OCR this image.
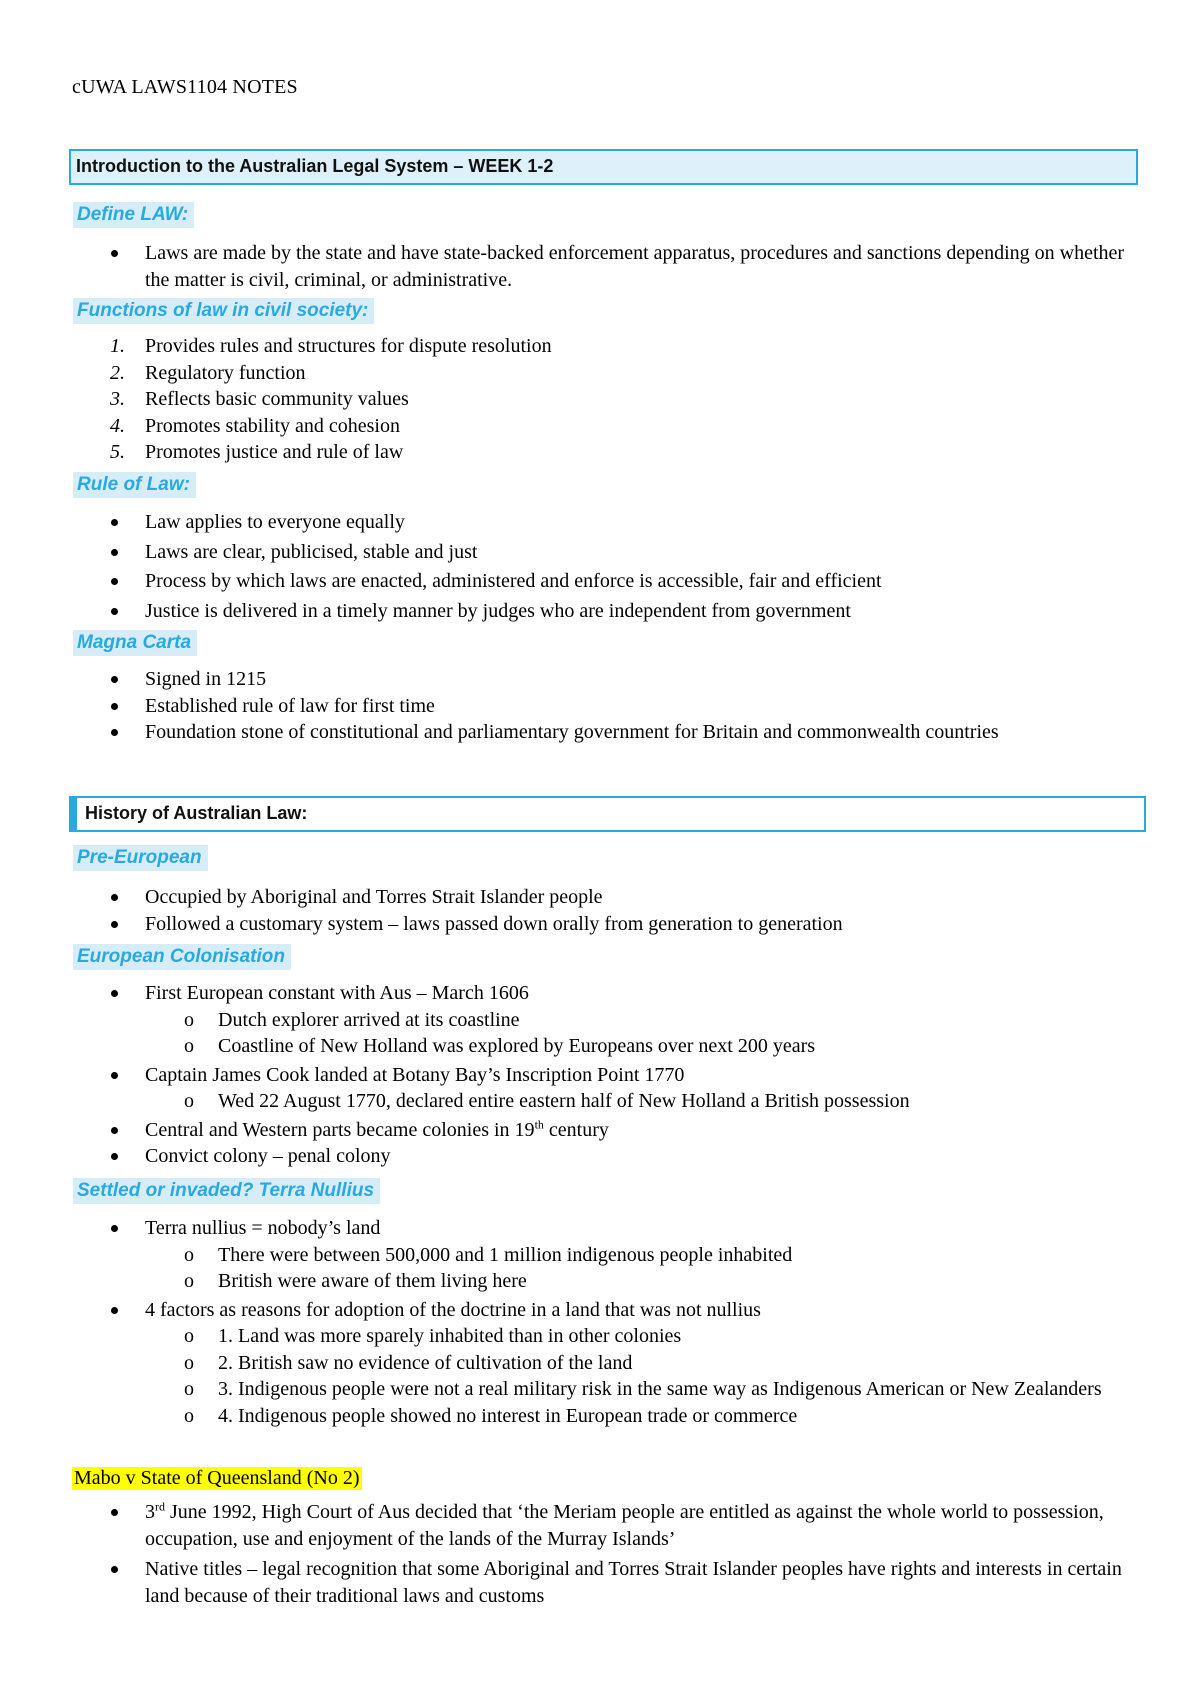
cUWA LAWS1104 NOTES
Introduction to the Australian Legal System – WEEK 1-2
Define LAW:
Laws are made by the state and have state-backed enforcement apparatus, procedures and sanctions depending on whether the matter is civil, criminal, or administrative.
Functions of law in civil society:
1. Provides rules and structures for dispute resolution
2. Regulatory function
3. Reflects basic community values
4. Promotes stability and cohesion
5. Promotes justice and rule of law
Rule of Law:
Law applies to everyone equally
Laws are clear, publicised, stable and just
Process by which laws are enacted, administered and enforce is accessible, fair and efficient
Justice is delivered in a timely manner by judges who are independent from government
Magna Carta
Signed in 1215
Established rule of law for first time
Foundation stone of constitutional and parliamentary government for Britain and commonwealth countries
History of Australian Law:
Pre-European
Occupied by Aboriginal and Torres Strait Islander people
Followed a customary system – laws passed down orally from generation to generation
European Colonisation
First European constant with Aus – March 1606
o Dutch explorer arrived at its coastline
o Coastline of New Holland was explored by Europeans over next 200 years
Captain James Cook landed at Botany Bay’s Inscription Point 1770
o Wed 22 August 1770, declared entire eastern half of New Holland a British possession
Central and Western parts became colonies in 19th century
Convict colony – penal colony
Settled or invaded? Terra Nullius
Terra nullius = nobody’s land
o There were between 500,000 and 1 million indigenous people inhabited
o British were aware of them living here
4 factors as reasons for adoption of the doctrine in a land that was not nullius
o 1. Land was more sparely inhabited than in other colonies
o 2. British saw no evidence of cultivation of the land
o 3. Indigenous people were not a real military risk in the same way as Indigenous American or New Zealanders
o 4. Indigenous people showed no interest in European trade or commerce
Mabo v State of Queensland (No 2)
3rd June 1992, High Court of Aus decided that ‘the Meriam people are entitled as against the whole world to possession, occupation, use and enjoyment of the lands of the Murray Islands’
Native titles – legal recognition that some Aboriginal and Torres Strait Islander peoples have rights and interests in certain land because of their traditional laws and customs
